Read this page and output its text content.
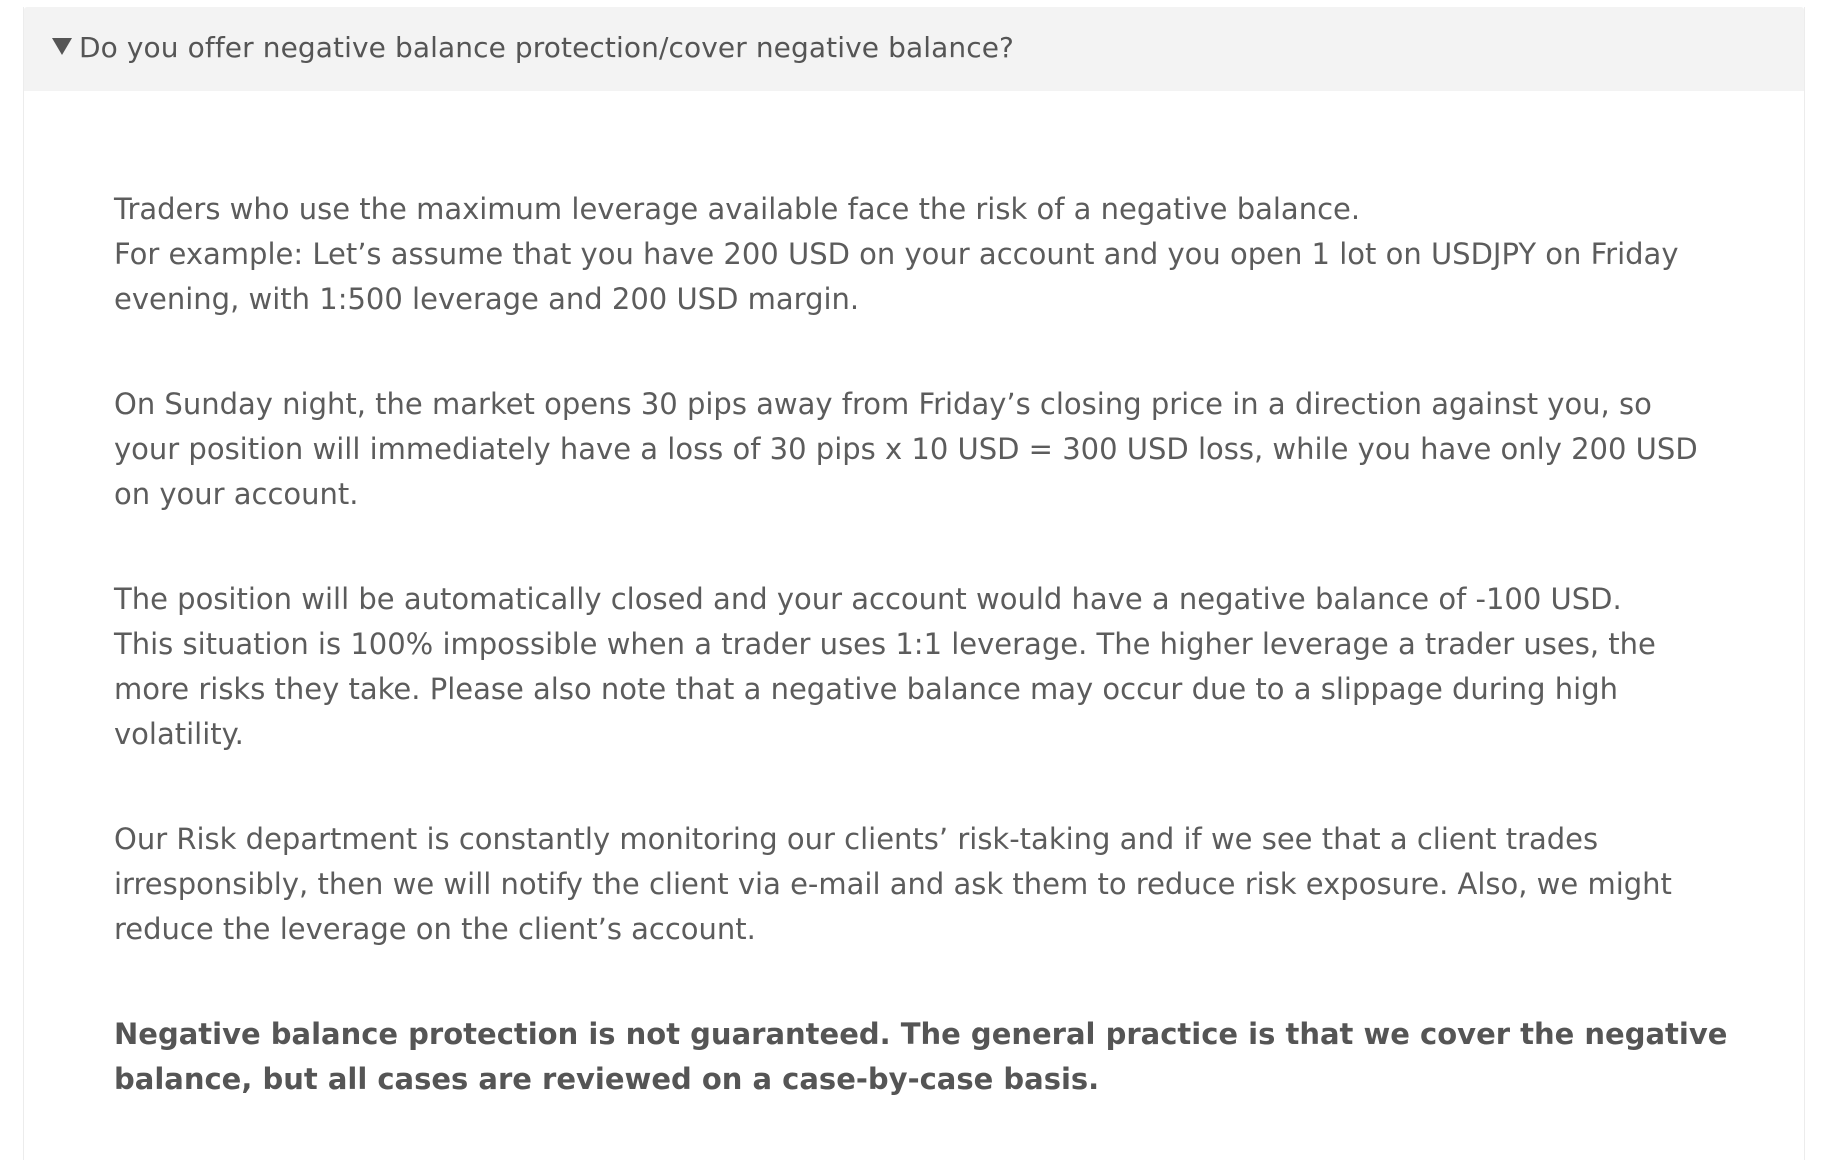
Do you offer negative balance protection/cover negative balance?

Traders who use the maximum leverage available face the risk of a negative balance.
For example: Let’s assume that you have 200 USD on your account and you open 1 lot on USDJPY on Friday
evening, with 1:500 leverage and 200 USD margin.

On Sunday night, the market opens 30 pips away from Friday’s closing price in a direction against you, so
your position will immediately have a loss of 30 pips x 10 USD = 300 USD loss, while you have only 200 USD
on your account.

The position will be automatically closed and your account would have a negative balance of -100 USD.
This situation is 100% impossible when a trader uses 1:1 leverage. The higher leverage a trader uses, the
more risks they take. Please also note that a negative balance may occur due to a slippage during high
volatility.

Our Risk department is constantly monitoring our clients’ risk-taking and if we see that a client trades
irresponsibly, then we will notify the client via e-mail and ask them to reduce risk exposure. Also, we might
reduce the leverage on the client’s account.

Negative balance protection is not guaranteed. The general practice is that we cover the negative
balance, but all cases are reviewed on a case-by-case basis.
